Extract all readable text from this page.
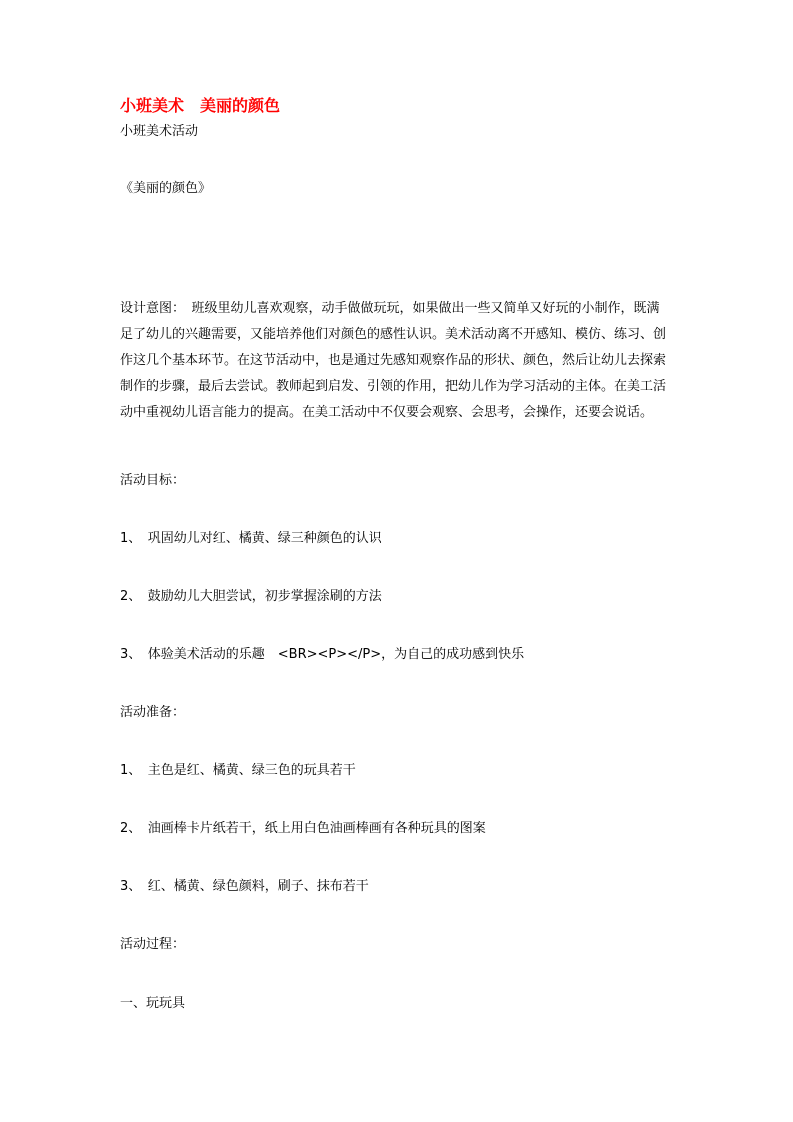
小班美术　美丽的颜色
小班美术活动
《美丽的颜色》
设计意图：　班级里幼儿喜欢观察，动手做做玩玩，如果做出一些又简单又好玩的小制作，既满
足了幼儿的兴趣需要，又能培养他们对颜色的感性认识。美术活动离不开感知、模仿、练习、创
作这几个基本环节。在这节活动中，也是通过先感知观察作品的形状、颜色，然后让幼儿去探索
制作的步骤，最后去尝试。教师起到启发、引领的作用，把幼儿作为学习活动的主体。在美工活
动中重视幼儿语言能力的提高。在美工活动中不仅要会观察、会思考，会操作，还要会说话。
活动目标：
1、　巩固幼儿对红、橘黄、绿三种颜色的认识
2、　鼓励幼儿大胆尝试，初步掌握涂刷的方法
3、　体验美术活动的乐趣　<BR><P></P>，为自己的成功感到快乐
活动准备：
1、　主色是红、橘黄、绿三色的玩具若干
2、　油画棒卡片纸若干，纸上用白色油画棒画有各种玩具的图案
3、　红、橘黄、绿色颜料，刷子、抹布若干
活动过程：
一、玩玩具
